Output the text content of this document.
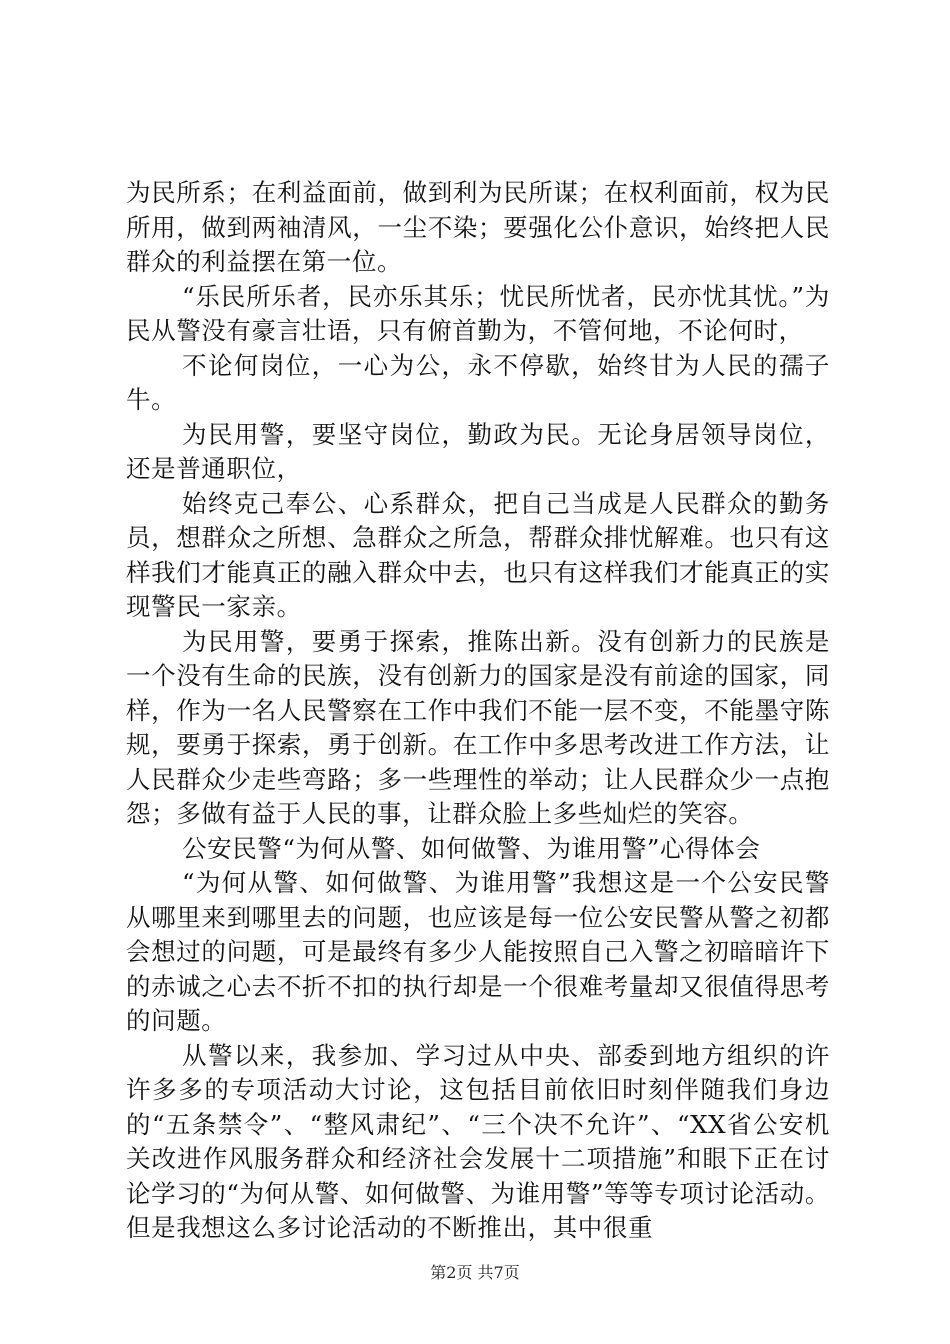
为民所系；在利益面前，做到利为民所谋；在权利面前，权为民所用，做到两袖清风，一尘不染；要强化公仆意识，始终把人民群众的利益摆在第一位。

“乐民所乐者，民亦乐其乐；忧民所忧者，民亦忧其忧。”为民从警没有豪言壮语，只有俯首勤为，不管何地，不论何时，

不论何岗位，一心为公，永不停歇，始终甘为人民的孺子牛。

为民用警，要坚守岗位，勤政为民。无论身居领导岗位，还是普通职位，

始终克己奉公、心系群众，把自己当成是人民群众的勤务员，想群众之所想、急群众之所急，帮群众排忧解难。也只有这样我们才能真正的融入群众中去，也只有这样我们才能真正的实现警民一家亲。

为民用警，要勇于探索，推陈出新。没有创新力的民族是一个没有生命的民族，没有创新力的国家是没有前途的国家，同样，作为一名人民警察在工作中我们不能一层不变，不能墨守陈规，要勇于探索，勇于创新。在工作中多思考改进工作方法，让人民群众少走些弯路；多一些理性的举动；让人民群众少一点抱怨；多做有益于人民的事，让群众脸上多些灿烂的笑容。

公安民警“为何从警、如何做警、为谁用警”心得体会

“为何从警、如何做警、为谁用警”我想这是一个公安民警从哪里来到哪里去的问题，也应该是每一位公安民警从警之初都会想过的问题，可是最终有多少人能按照自己入警之初暗暗许下的赤诚之心去不折不扣的执行却是一个很难考量却又很值得思考的问题。

从警以来，我参加、学习过从中央、部委到地方组织的许许多多的专项活动大讨论，这包括目前依旧时刻伴随我们身边的“五条禁令”、“整风肃纪”、“三个决不允许”、“XX省公安机关改进作风服务群众和经济社会发展十二项措施”和眼下正在讨论学习的“为何从警、如何做警、为谁用警”等等专项讨论活动。但是我想这么多讨论活动的不断推出，其中很重

第2页 共7页
